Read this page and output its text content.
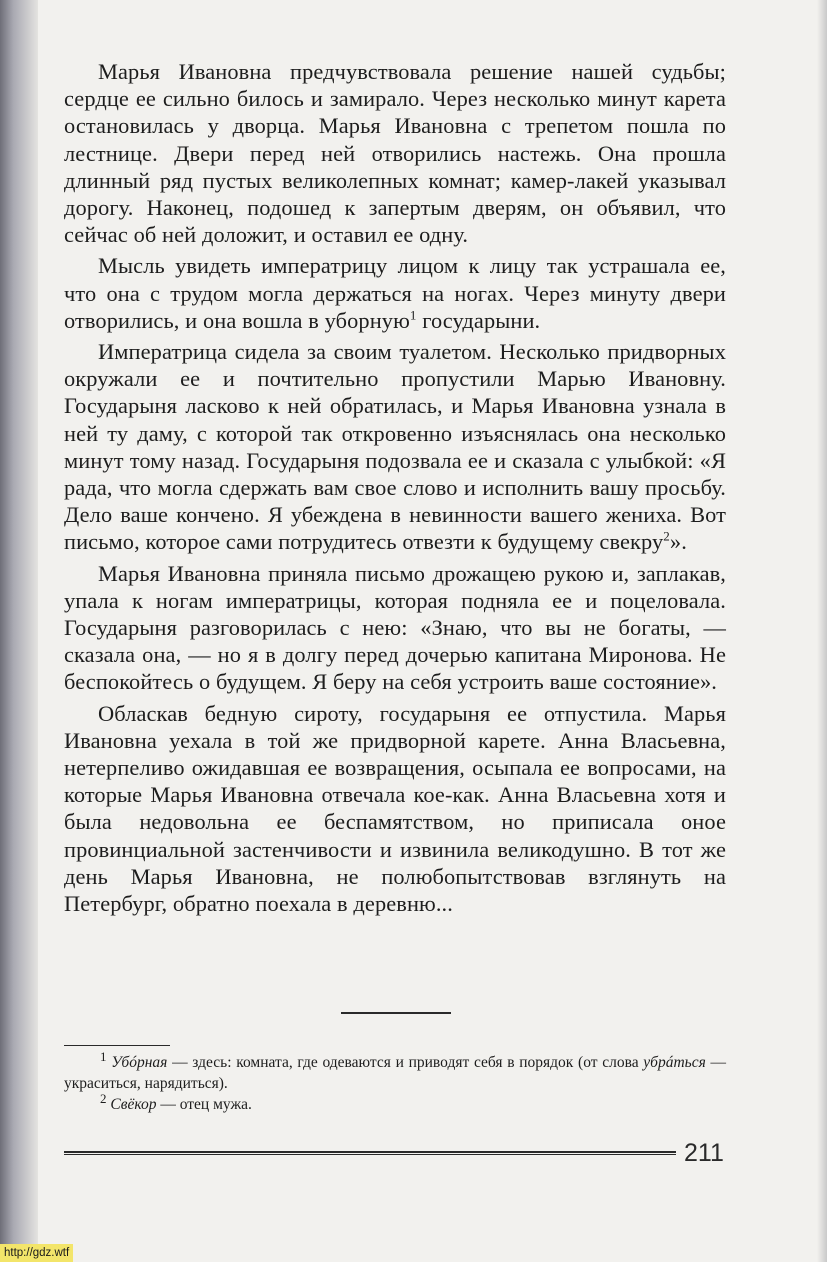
Марья Ивановна предчувствовала решение нашей судьбы; сердце ее сильно билось и замирало. Через несколько минут карета остановилась у дворца. Марья Ивановна с трепетом пошла по лестнице. Двери перед ней отворились настежь. Она прошла длинный ряд пустых великолепных комнат; камер-лакей указывал дорогу. Наконец, подошед к запертым дверям, он объявил, что сейчас об ней доложит, и оставил ее одну.

Мысль увидеть императрицу лицом к лицу так устрашала ее, что она с трудом могла держаться на ногах. Через минуту двери отворились, и она вошла в уборную$^1$ государыни.

Императрица сидела за своим туалетом. Несколько придворных окружали ее и почтительно пропустили Марью Ивановну. Государыня ласково к ней обратилась, и Марья Ивановна узнала в ней ту даму, с которой так откровенно изъяснялась она несколько минут тому назад. Государыня подозвала ее и сказала с улыбкой: «Я рада, что могла сдержать вам свое слово и исполнить вашу просьбу. Дело ваше кончено. Я убеждена в невинности вашего жениха. Вот письмо, которое сами потрудитесь отвезти к будущему свекру$^2$».

Марья Ивановна приняла письмо дрожащею рукою и, заплакав, упала к ногам императрицы, которая подняла ее и поцеловала. Государыня разговорилась с нею: «Знаю, что вы не богаты, — сказала она, — но я в долгу перед дочерью капитана Миронова. Не беспокойтесь о будущем. Я беру на себя устроить ваше состояние».

Обласкав бедную сироту, государыня ее отпустила. Марья Ивановна уехала в той же придворной карете. Анна Власьевна, нетерпеливо ожидавшая ее возвращения, осыпала ее вопросами, на которые Марья Ивановна отвечала кое-как. Анна Власьевна хотя и была недовольна ее беспамятством, но приписала оное провинциальной застенчивости и извинила великодушно. В тот же день Марья Ивановна, не полюбопытствовав взглянуть на Петербург, обратно поехала в деревню...

$^1$ Убóрная — здесь: комната, где одеваются и приводят себя в порядок (от слова убрáться — украситься, нарядиться).

$^2$ Свёкор — отец мужа.

211
http://gdz.wtf
